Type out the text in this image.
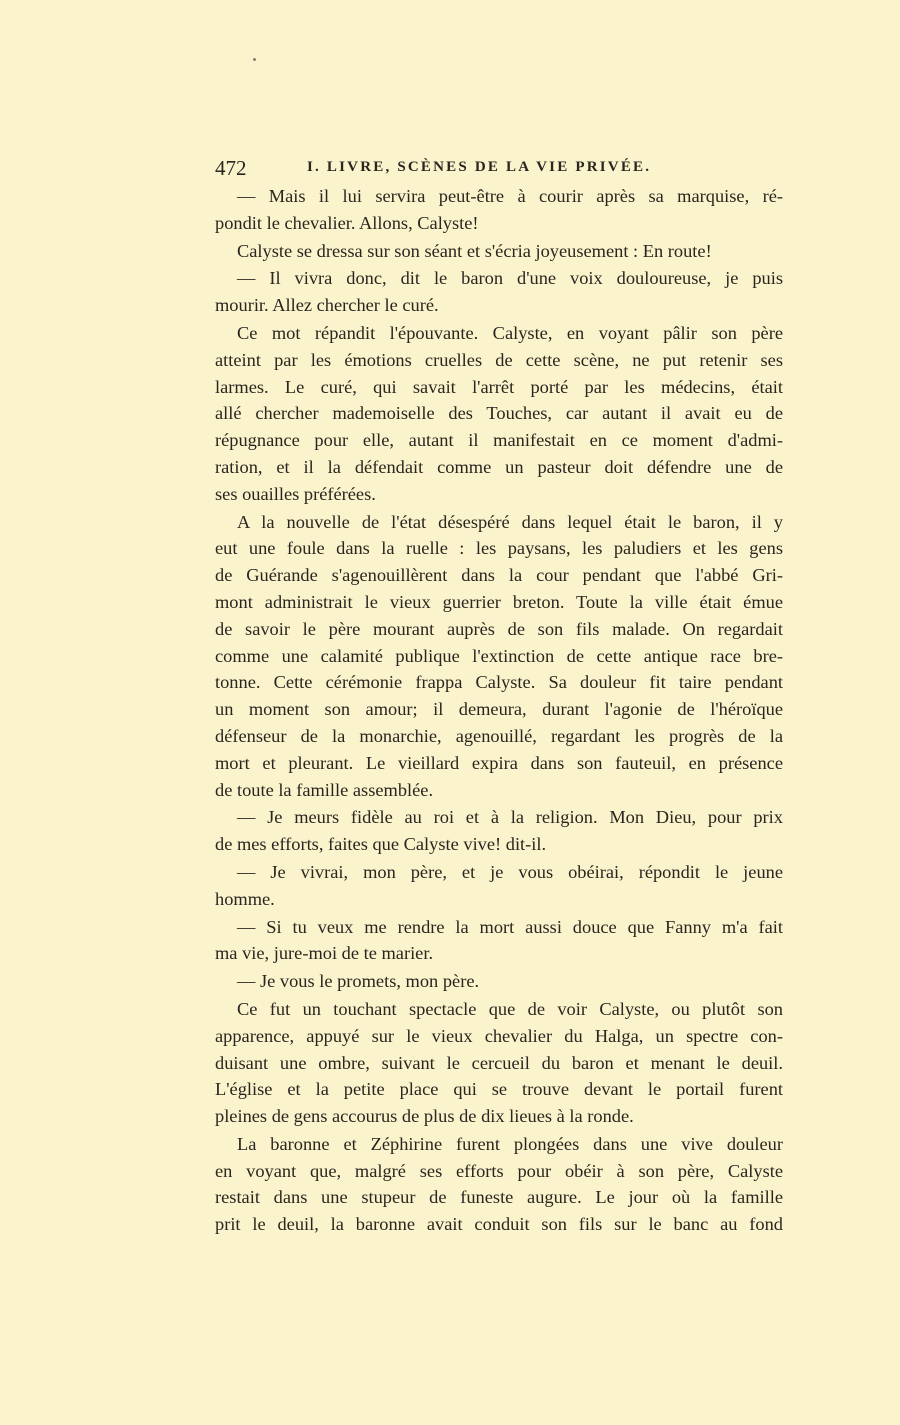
472	I. LIVRE, SCÈNES DE LA VIE PRIVÉE.
— Mais il lui servira peut-être à courir après sa marquise, ré-
pondit le chevalier. Allons, Calyste!
Calyste se dressa sur son séant et s'écria joyeusement : En route!
— Il vivra donc, dit le baron d'une voix douloureuse, je puis
mourir. Allez chercher le curé.
Ce mot répandit l'épouvante. Calyste, en voyant pâlir son père
atteint par les émotions cruelles de cette scène, ne put retenir ses
larmes. Le curé, qui savait l'arrêt porté par les médecins, était
allé chercher mademoiselle des Touches, car autant il avait eu de
répugnance pour elle, autant il manifestait en ce moment d'admi-
ration, et il la défendait comme un pasteur doit défendre une de
ses ouailles préférées.
A la nouvelle de l'état désespéré dans lequel était le baron, il y
eut une foule dans la ruelle : les paysans, les paludiers et les gens
de Guérande s'agenouillèrent dans la cour pendant que l'abbé Gri-
mont administrait le vieux guerrier breton. Toute la ville était émue
de savoir le père mourant auprès de son fils malade. On regardait
comme une calamité publique l'extinction de cette antique race bre-
tonne. Cette cérémonie frappa Calyste. Sa douleur fit taire pendant
un moment son amour; il demeura, durant l'agonie de l'héroïque
défenseur de la monarchie, agenouillé, regardant les progrès de la
mort et pleurant. Le vieillard expira dans son fauteuil, en présence
de toute la famille assemblée.
— Je meurs fidèle au roi et à la religion. Mon Dieu, pour prix
de mes efforts, faites que Calyste vive! dit-il.
— Je vivrai, mon père, et je vous obéirai, répondit le jeune
homme.
— Si tu veux me rendre la mort aussi douce que Fanny m'a fait
ma vie, jure-moi de te marier.
— Je vous le promets, mon père.
Ce fut un touchant spectacle que de voir Calyste, ou plutôt son
apparence, appuyé sur le vieux chevalier du Halga, un spectre con-
duisant une ombre, suivant le cercueil du baron et menant le deuil.
L'église et la petite place qui se trouve devant le portail furent
pleines de gens accourus de plus de dix lieues à la ronde.
La baronne et Zéphirine furent plongées dans une vive douleur
en voyant que, malgré ses efforts pour obéir à son père, Calyste
restait dans une stupeur de funeste augure. Le jour où la famille
prit le deuil, la baronne avait conduit son fils sur le banc au fond
